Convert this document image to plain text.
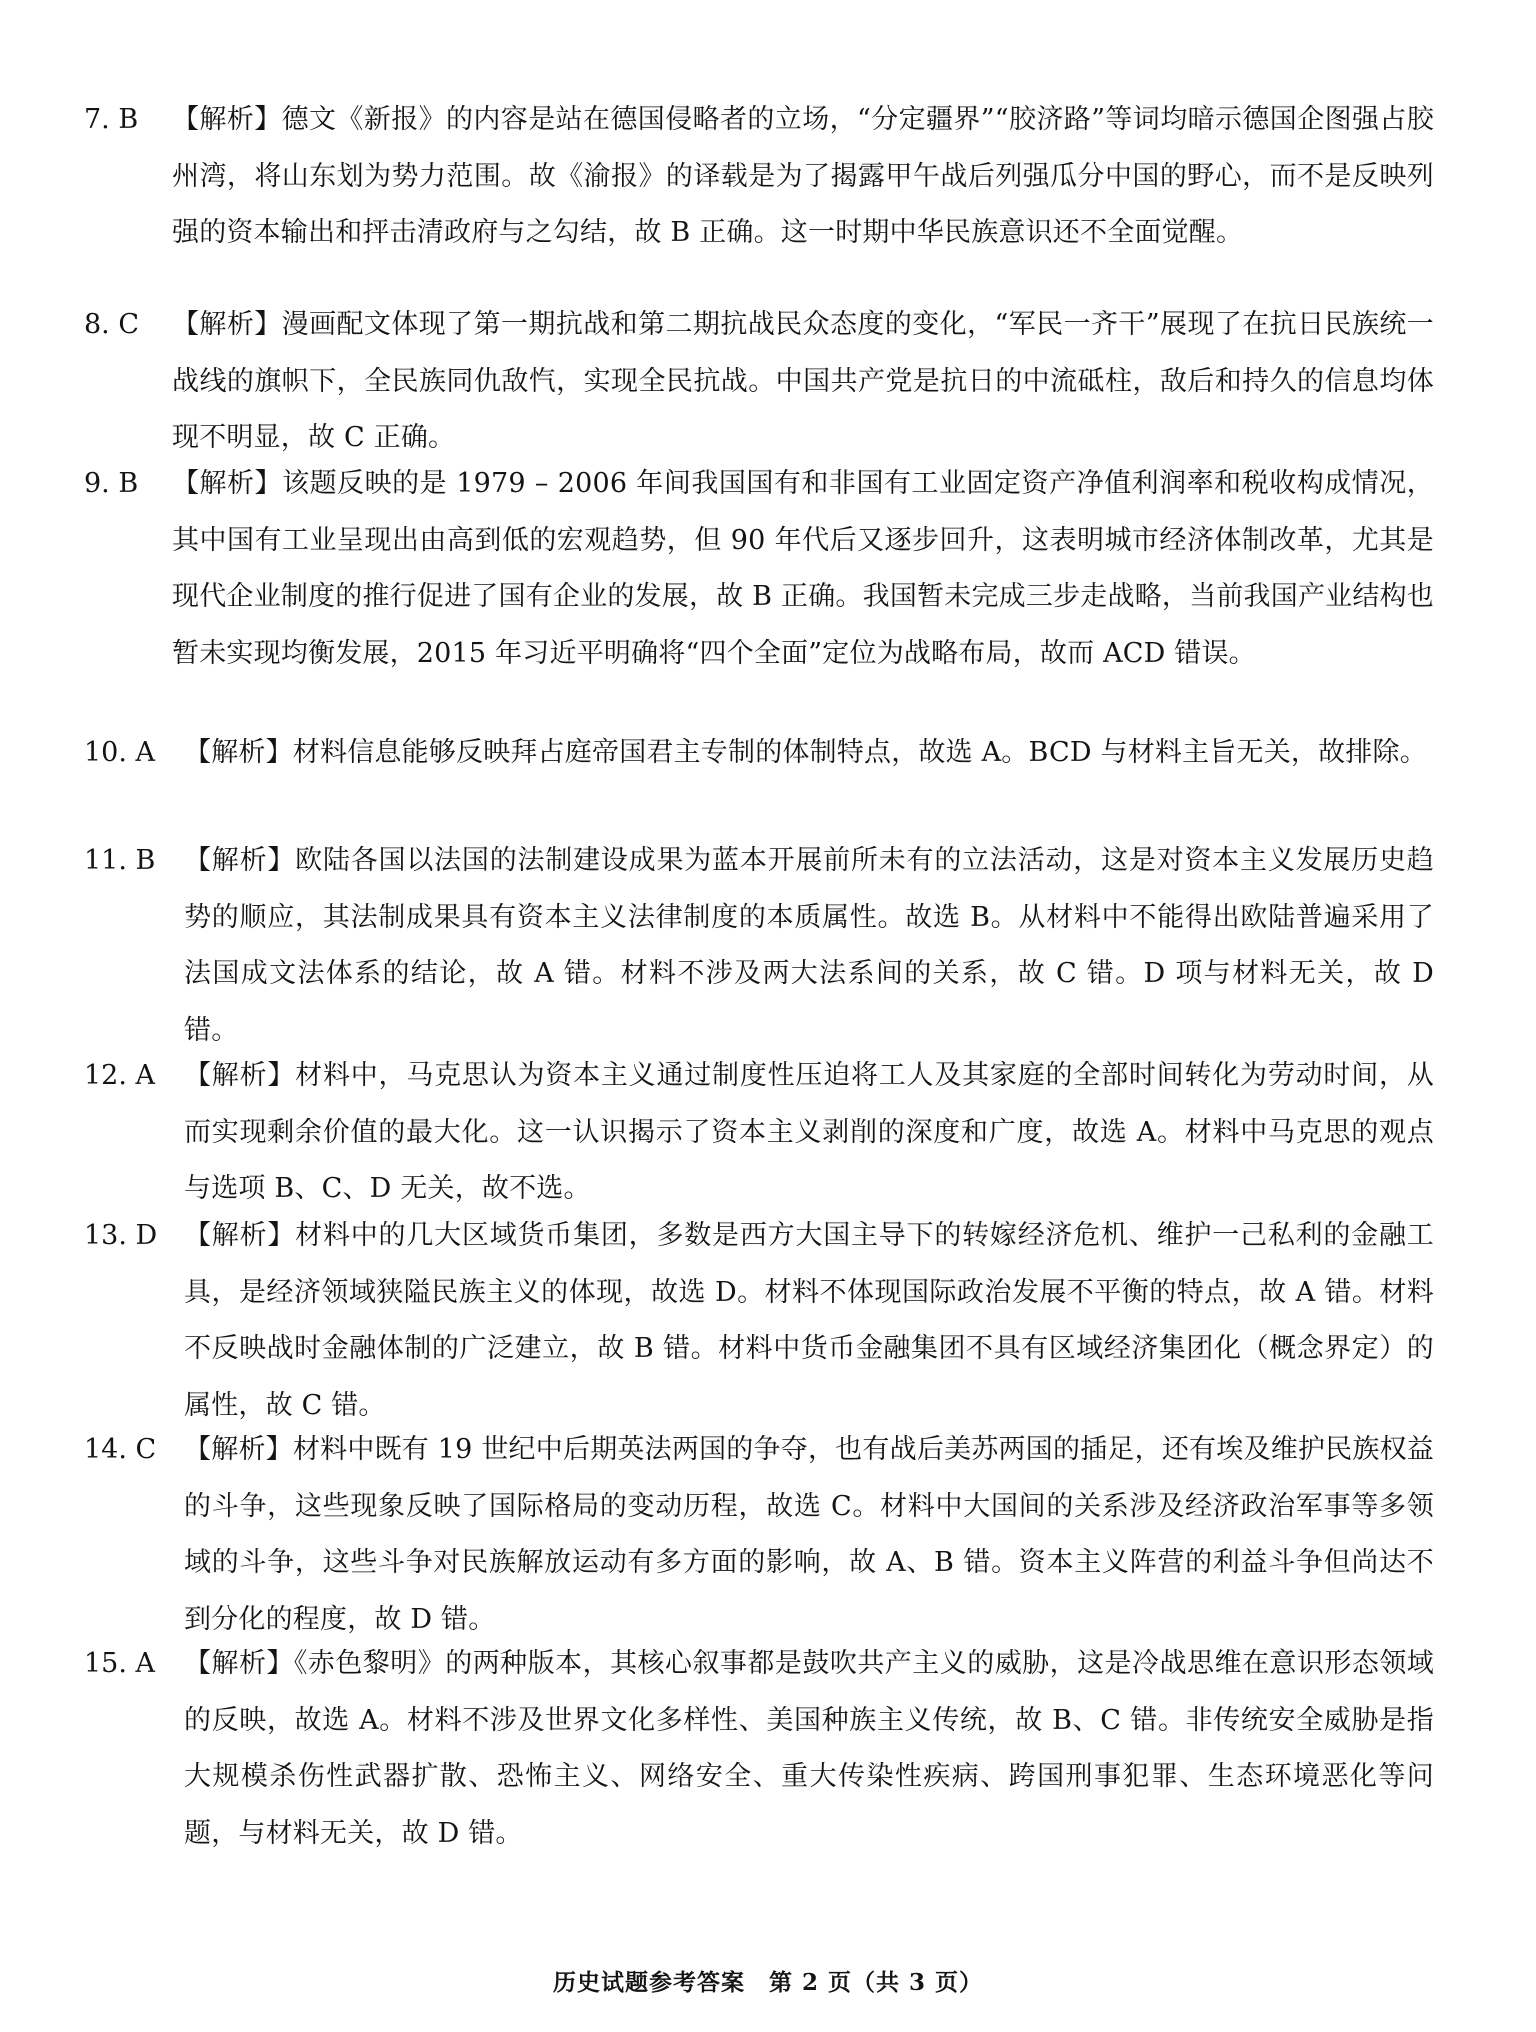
7. B 【解析】德文《新报》的内容是站在德国侵略者的立场，“分定疆界”“胶济路”等词均暗示德国企图强占胶州湾，将山东划为势力范围。故《渝报》的译载是为了揭露甲午战后列强瓜分中国的野心，而不是反映列强的资本输出和抨击清政府与之勾结，故 B 正确。这一时期中华民族意识还不全面觉醒。
8. C 【解析】漫画配文体现了第一期抗战和第二期抗战民众态度的变化，“军民一齐干”展现了在抗日民族统一战线的旗帜下，全民族同仇敌忾，实现全民抗战。中国共产党是抗日的中流砥柱，敌后和持久的信息均体现不明显，故 C 正确。
9. B 【解析】该题反映的是 1979 – 2006 年间我国国有和非国有工业固定资产净值利润率和税收构成情况，其中国有工业呈现出由高到低的宏观趋势，但 90 年代后又逐步回升，这表明城市经济体制改革，尤其是现代企业制度的推行促进了国有企业的发展，故 B 正确。我国暂未完成三步走战略，当前我国产业结构也暂未实现均衡发展，2015 年习近平明确将“四个全面”定位为战略布局，故而 ACD 错误。
10. A 【解析】材料信息能够反映拜占庭帝国君主专制的体制特点，故选 A。BCD 与材料主旨无关，故排除。
11. B 【解析】欧陆各国以法国的法制建设成果为蓝本开展前所未有的立法活动，这是对资本主义发展历史趋势的顺应，其法制成果具有资本主义法律制度的本质属性。故选 B。从材料中不能得出欧陆普遍采用了法国成文法体系的结论，故 A 错。材料不涉及两大法系间的关系，故 C 错。D 项与材料无关，故 D 错。
12. A 【解析】材料中，马克思认为资本主义通过制度性压迫将工人及其家庭的全部时间转化为劳动时间，从而实现剩余价值的最大化。这一认识揭示了资本主义剥削的深度和广度，故选 A。材料中马克思的观点与选项 B、C、D 无关，故不选。
13. D 【解析】材料中的几大区域货币集团，多数是西方大国主导下的转嫁经济危机、维护一己私利的金融工具，是经济领域狭隘民族主义的体现，故选 D。材料不体现国际政治发展不平衡的特点，故 A 错。材料不反映战时金融体制的广泛建立，故 B 错。材料中货币金融集团不具有区域经济集团化（概念界定）的属性，故 C 错。
14. C 【解析】材料中既有 19 世纪中后期英法两国的争夺，也有战后美苏两国的插足，还有埃及维护民族权益的斗争，这些现象反映了国际格局的变动历程，故选 C。材料中大国间的关系涉及经济政治军事等多领域的斗争，这些斗争对民族解放运动有多方面的影响，故 A、B 错。资本主义阵营的利益斗争但尚达不到分化的程度，故 D 错。
15. A 【解析】《赤色黎明》的两种版本，其核心叙事都是鼓吹共产主义的威胁，这是冷战思维在意识形态领域的反映，故选 A。材料不涉及世界文化多样性、美国种族主义传统，故 B、C 错。非传统安全威胁是指大规模杀伤性武器扩散、恐怖主义、网络安全、重大传染性疾病、跨国刑事犯罪、生态环境恶化等问题，与材料无关，故 D 错。
历史试题参考答案　第 2 页（共 3 页）
